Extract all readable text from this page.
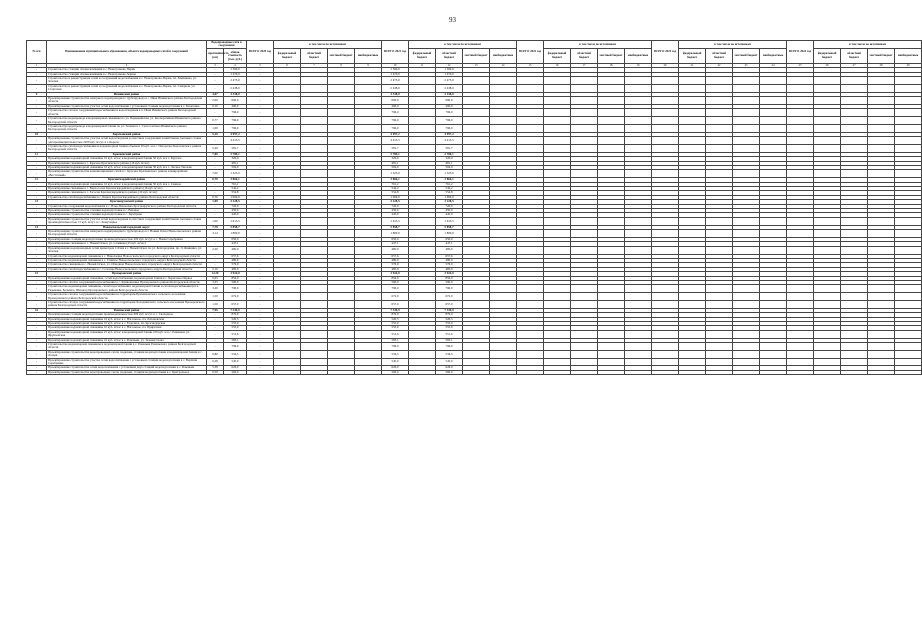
93
№ п/п	Наименование муниципального образования, объекта водопроводных сетей и сооружений	Водопроводные сети и сооружения		ВСЕГО 2020 год	в том числе по источникам				ВСЕГО 2021 год	в том числе по источникам				ВСЕГО 2022 год	в том числе по источникам				ВСЕГО 2023 год	в том числе по источникам				ВСЕГО 2024 год	в том числе по источникам			
		протяжённость (км)	общая стоимость (тыс. руб.)		федеральный бюджет	областной бюджет	местный бюджет	внебюджетные		федеральный бюджет	областной бюджет	местный бюджет	внебюджетные		федеральный бюджет	областной бюджет	местный бюджет	внебюджетные		федеральный бюджет	областной бюджет	местный бюджет	внебюджетные		федеральный бюджет	областной бюджет	местный бюджет	внебюджетные
1	2	3	4	5	6	7	8	9	10	11	12	13	14	15	16	17	18	19	20	21	22	23	24	25	26	27	28	29
-	Строительство станции обезжелезивания в с. Новогромово Пермь	-	1 300,0	-					1 300,0		1 300,0																	
-	Строительство станции обезжелезивания в с. Новогромово-Зерная	-	1 470,0	-					1 470,0		1 470,0																	
-	Строительство и реконструкция сетей и сооружений водоснабжения в с. Новогромово-Пермь, пл. Зименкова, ул. Зеленая	-	2 475,0	-					2 475,0		2 475,0																	
-	Строительство и реконструкция сетей и сооружений водоснабжения в с. Новогромово-Пермь, пл. Северная, ул. Стартовая	-	2 438,0	-					2 438,0		2 438,0																	
9	Ивнянский район	4,07	3 338,0	-					3 338,0		3 338,0																	
-	Проектирование строительства напорного водопроводного трубопровода в с. Ивня Ивнянского района Белгородской области	2,00	660,0	-					660,0		660,0																	
-	Проектирование строительства участка сетей водоснабжения с установкой станции водоподготовки в с. Кочетовка	0,10	490,0	-					490,0		490,0																	
-	Строительство сетей и сооружений водоснабжения и водоотведения в п. Ивня Ивнянского района Белгородской области	-	796,0	-					796,0		796,0																	
-	Строительство водопровода и водонапорной скважины по ул. Первомайская, ул. Кооперативная Ивнянского района Белгородской области	0,77	796,0	-					796,0		796,0																	
-	Строительство водопровода и водонапорной башни по ул. Зеленая в с. Сухосолотино Ивнянского района Белгородской области	1,00	796,0	-					796,0		796,0																	
10	Корочанский район	5,20	4 997,2	-					4 997,2		4 997,2																	
-	Проектирование строительства участка сетей водоотведения и очистных сооружений хозяйственно-бытовых стоков для производительностью 2200 куб. м/сут. в г. Короча	-	4 415,5	-					4 415,5		4 415,5																	
-	Строительство сетей водоснабжения и водонапорной башни объемом 50 куб. м в с. Погорелое Корочанского района Белгородской области	5,20	581,7	-					581,7		581,7																	
11	Красненский район	7,00	2 780,1	-					2 780,1		2 780,1																	
-	Проектирование водонапорной скважины 16 куб. м/час и водонапорной башни 50 куб. м в с. Круглое	-	320,0	-					320,0		320,0																	
-	Проектирование скважины в с. Красное Красненского района (16 куб. м/час)	-	481,1	-					481,1		481,1																	
-	Проектирование водонапорной скважины 16 куб. м/час и водонапорной башни 50 куб. м в с. Лесное Уколово	-	504,0	-					504,0		504,0																	
-	Проектирование строительства канализационных сетей в с. Красное Красненского района и микрорайоне «Восточный»	7,00	1 325,0	-					1 325,0		1 325,0																	
12	Красногвардейский район	0,70	3 866,1	-					3 866,1		3 866,1																	
-	Проектирование водонапорной скважины 16 куб. м/час и водонапорной башни 50 куб. м в с. Сажное	-	761,2	-					761,2		761,2																	
-	Проектирование скважины в с. Верхососна Красногвардейского района (16 куб. м/час)	-	542,2	-					542,2		542,2																	
-	Проектирование скважины в с. Засосна Красногвардейского района (10 куб. м/час)	-	554,8	-					554,8		554,8																	
-	Строительство сетей водоснабжения в с. Бирюч Красногвардейского района Белгородской области	0,70	1 000,0	-					1 000,0		1 000,0																	
13	Краснояружский район	1,00	3 228,5	-					3 228,5		3 228,5																	
-	Строительство сооружений водоснабжения в с. Илек-Пеньковка Краснояружского района Белгородской области	-	720,0	-					720,0		720,0																	
-	Проектирование строительства станции водоподготовки в с. Вязовое	-	450,0	-					450,0		450,0																	
-	Проектирование строительства станции водоподготовки в с. Теребрено	-	445,0	-					445,0		445,0																	
-	Проектирование строительства участка сетей водоотведения и очистных сооружений хозяйственно-бытовых стоков производительностью 15 куб. м/сут. в с. Хомутецкое	1,00	1 613,5	-					1 613,5		1 613,5																	
14	Новооскольский городской округ	7,78	5 858,7	-					5 858,7		5 858,7																	
-	Проектирование строительства напорного водопроводного трубопровода в г. Новый Оскол Новооскольского района Белгородской области	3,14	1 800,0	-					1 800,0		1 800,0																	
-	Проектирование станции водоподготовки производительностью 200 куб. м/сут. в с. Новая Серебрянка	-	650,0	-					650,0		650,0																	
-	Проектирование скважины в с. Новый Оскол, ул. Славянка (25 куб. м/час)	-	447,1	-					447,1		447,1																	
-	Проектирование водопроводных сетей диаметром 110 мм в г. Новый Оскол по ул. Белгородская, пр. Л. Янишина, ул. Зеленая	2,50	485,0	-					485,0		485,0																	
-	Строительство водонапорной скважины в с. Николаевка Новооскольского городского округа Белгородской области	-	657,6	-					657,6		657,6																	
-	Строительство водонапорной скважины в с. Глинное Новооскольского городского округа Белгородской области	-	480,0	-					480,0		480,0																	
-	Строительство скважины в с. Новый Оскол, ул. Обводная Новооскольского городского округа Белгородской области	-	576,0	-					576,0		576,0																	
-	Строительство сетей водоснабжения в с. Солонцы Новооскольского городского округа Белгородской области	2,10	485,0	-					485,0		485,0																	
15	Прохоровский район	12,20	3 924,0	-					3 924,0		3 924,0																	
-	Проектирование водонапорной скважины, сетей водоснабжения, водонапорной башни в с. Береговое-Первое	0,65	856,0	-					856,0		856,0																	
-	Строительство сетей и сооружений водоснабжения в с. Кривошеевка Прохоровского района Белгородской области	3,35	590,0	-					590,0		590,0																	
-	Строительство водонапорной скважины, сетей водоснабжения, водонапорной башни и сетей водоснабжения (вт.ч. Радьковка, Большое, Шахово) Прохоровского района Белгородской области	3,20	790,0	-					790,0		790,0																	
-	Строительство сетей и сооружений водоснабжения на территории Призначенского сельского поселения Прохоровского района Белгородской области	1,50	672,0	-					672,0		672,0																	
-	Строительство сетей и сооружений водоснабжения на территории Холоднянского сельского поселения Прохоровского района Белгородской области	1,50	657,0	-					657,0		657,0																	
16	Ровеньский район	7,96	7 330,9	-					7 330,9		7 330,9																	
-	Проектирование станции водоподготовки производительностью 600 куб. м/сут. в с. Свободное	-	870,0	-					870,0		870,0																	
-	Проектирование водонапорной скважины 16 куб. м/час в с. Нагольное, пл. Лобановская	-	520,5	-					520,5		520,5																	
-	Проектирование водонапорной скважины 16 куб. м/час в с. Ездочное, пл. Краснодарская	-	555,0	-					555,0		555,0																	
-	Проектирование водонапорной скважины 10 куб. м/час в с. Нагольное, пл. Приречная	-	555,0	-					555,0		555,0																	
-	Проектирование водонапорной скважины 25 куб. м/час и водонапорной башни 100 куб. м в с. Ровеньки, ул. Фрунзенская	-	551,6	-					551,6		551,6																	
-	Проектирование водонапорной скважины 16 куб. м/час в с. Ровеньки, ул. Зеленая балка	-	583,1	-					583,1		583,1																	
-	Строительство водонапорной скважины и водонапорной башни в с. Ровеньки Ровеньского района Белгородской области	-	796,0	-					796,0		796,0																	
-	Проектирование строительства водопроводных сетей, подкачки, станции водоподготовки и водонапорной башни в с. Лозная	0,80	534,5	-					534,5		534,5																	
-	Проектирование строительства участка сетей водоснабжения с установкой станции водоподготовки в с. Верхняя Серебрянка	0,28	545,0	-					545,0		545,0																	
-	Проектирование строительства сетей водоснабжения с установкой двух станций водоподготовки в с. Ровеньки	5,38	626,0	-					626,0		626,0																	
-	Проектирование строительства водопроводных сетей, подкачки, станции водоподготовки в с. Центральное	0,50	560,0	-					560,0		560,0																	
